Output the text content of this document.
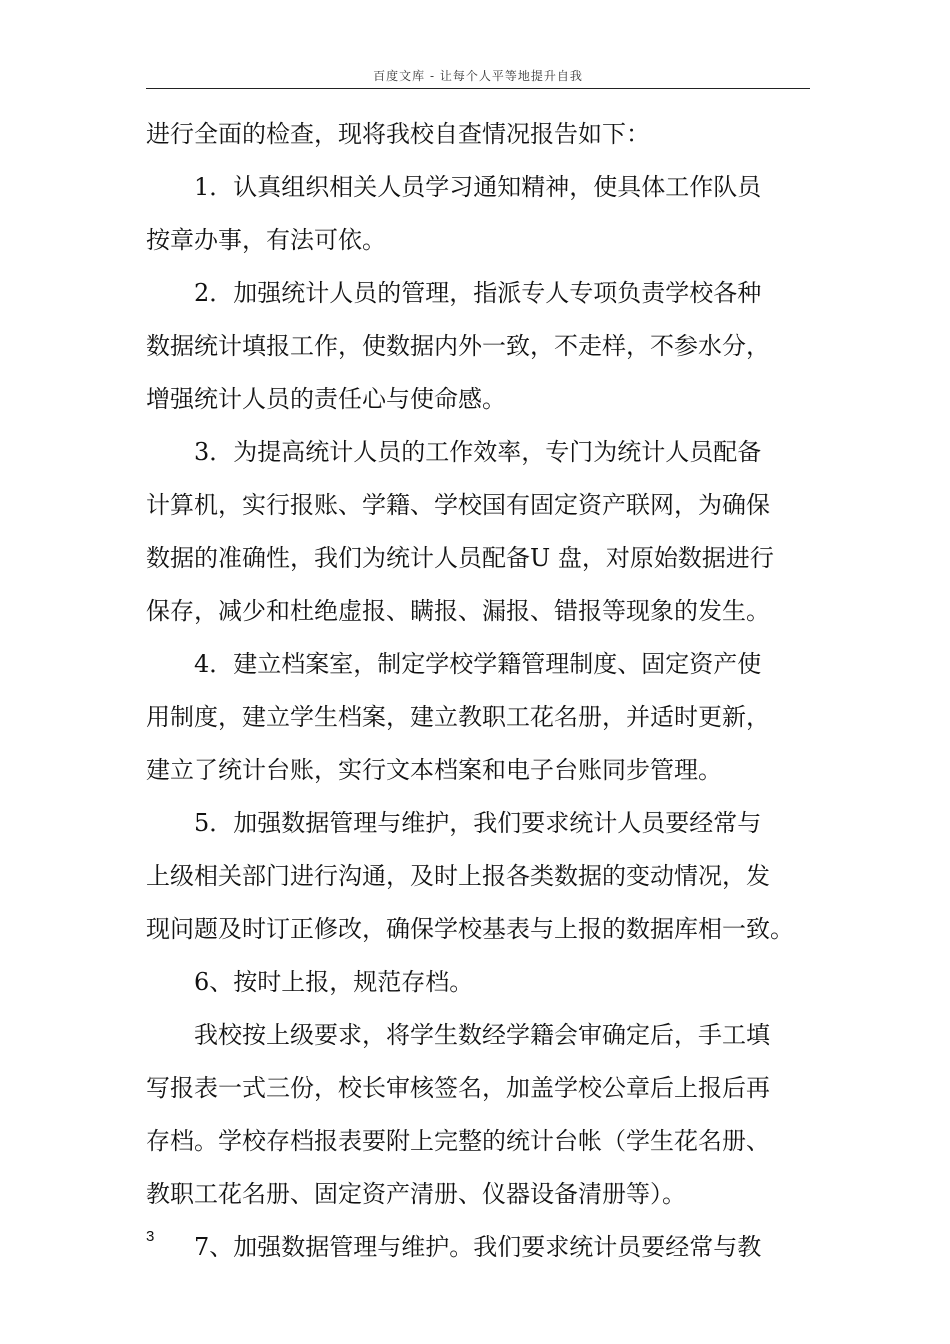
百度文库 - 让每个人平等地提升自我
进行全面的检查，现将我校自查情况报告如下：
1．认真组织相关人员学习通知精神，使具体工作队员
按章办事，有法可依。
2．加强统计人员的管理，指派专人专项负责学校各种
数据统计填报工作，使数据内外一致，不走样，不参水分，
增强统计人员的责任心与使命感。
3．为提高统计人员的工作效率，专门为统计人员配备
计算机，实行报账、学籍、学校国有固定资产联网，为确保
数据的准确性，我们为统计人员配备U 盘，对原始数据进行
保存，减少和杜绝虚报、瞒报、漏报、错报等现象的发生。
4．建立档案室，制定学校学籍管理制度、固定资产使
用制度，建立学生档案，建立教职工花名册，并适时更新，
建立了统计台账，实行文本档案和电子台账同步管理。
5．加强数据管理与维护，我们要求统计人员要经常与
上级相关部门进行沟通，及时上报各类数据的变动情况，发
现问题及时订正修改，确保学校基表与上报的数据库相一致。
6、按时上报，规范存档。
我校按上级要求，将学生数经学籍会审确定后，手工填
写报表一式三份，校长审核签名，加盖学校公章后上报后再
存档。学校存档报表要附上完整的统计台帐（学生花名册、
教职工花名册、固定资产清册、仪器设备清册等）。
7、加强数据管理与维护。我们要求统计员要经常与教
3
